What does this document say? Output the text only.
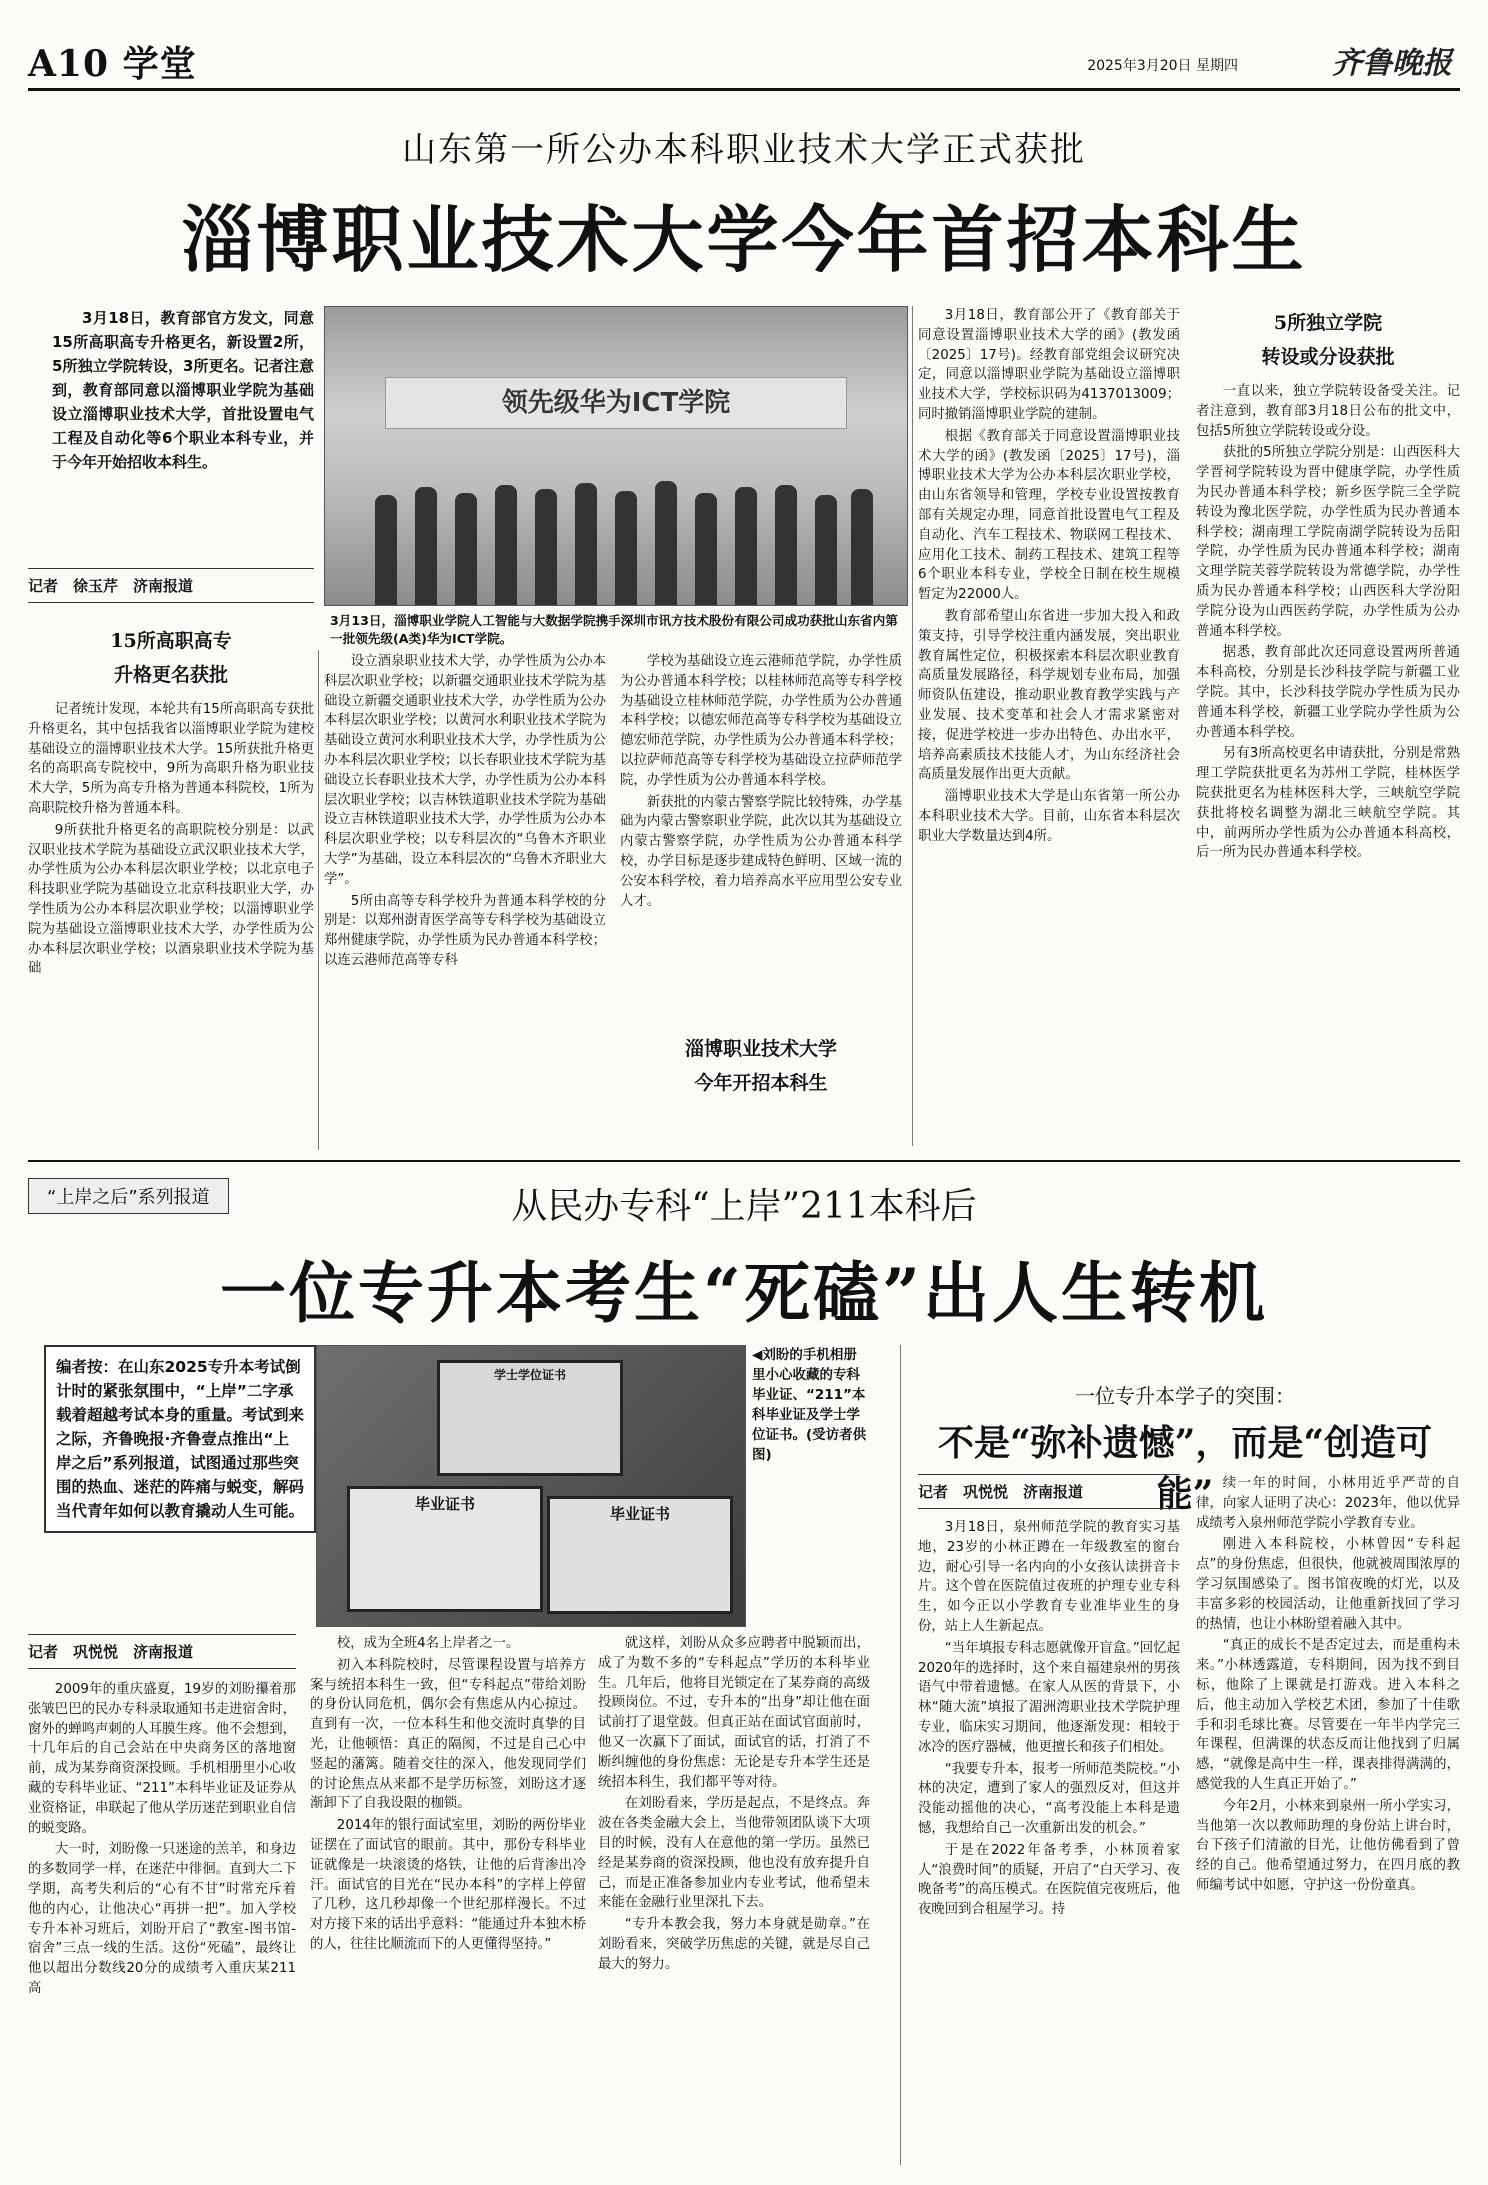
A10 学堂	2025年3月20日 星期四	齐鲁晚报
山东第一所公办本科职业技术大学正式获批
淄博职业技术大学今年首招本科生

3月18日，教育部官方发文，同意15所高职高专升格更名，新设置2所，5所独立学院转设，3所更名。记者注意到，教育部同意以淄博职业学院为基础设立淄博职业技术大学，首批设置电气工程及自动化等6个职业本科专业，并于今年开始招收本科生。

记者　徐玉芹　济南报道
15所高职高专
升格更名获批

记者统计发现，本轮共有15所高职高专获批升格更名，其中包括我省以淄博职业学院为建校基础设立的淄博职业技术大学。15所获批升格更名的高职高专院校中，9所为高职升格为职业技术大学，5所为高专升格为普通本科院校，1所为高职院校升格为普通本科。

9所获批升格更名的高职院校分别是：以武汉职业技术学院为基础设立武汉职业技术大学，办学性质为公办本科层次职业学校；以北京电子科技职业学院为基础设立北京科技职业大学，办学性质为公办本科层次职业学校；以淄博职业学院为基础设立淄博职业技术大学，办学性质为公办本科层次职业学校；以酒泉职业技术学院为基础

领先级华为ICT学院
3月13日，淄博职业学院人工智能与大数据学院携手深圳市讯方技术股份有限公司成功获批山东省内第一批领先级(A类)华为ICT学院。

设立酒泉职业技术大学，办学性质为公办本科层次职业学校；以新疆交通职业技术学院为基础设立新疆交通职业技术大学，办学性质为公办本科层次职业学校；以黄河水利职业技术学院为基础设立黄河水利职业技术大学，办学性质为公办本科层次职业学校；以长春职业技术学院为基础设立长春职业技术大学，办学性质为公办本科层次职业学校；以吉林铁道职业技术学院为基础设立吉林铁道职业技术大学，办学性质为公办本科层次职业学校；以专科层次的“乌鲁木齐职业大学”为基础，设立本科层次的“乌鲁木齐职业大学”。

5所由高等专科学校升为普通本科学校的分别是：以郑州澍青医学高等专科学校为基础设立郑州健康学院，办学性质为民办普通本科学校；以连云港师范高等专科

学校为基础设立连云港师范学院，办学性质为公办普通本科学校；以桂林师范高等专科学校为基础设立桂林师范学院，办学性质为公办普通本科学校；以德宏师范高等专科学校为基础设立德宏师范学院，办学性质为公办普通本科学校；以拉萨师范高等专科学校为基础设立拉萨师范学院，办学性质为公办普通本科学校。

新获批的内蒙古警察学院比较特殊，办学基础为内蒙古警察职业学院，此次以其为基础设立内蒙古警察学院，办学性质为公办普通本科学校，办学目标是逐步建成特色鲜明、区域一流的公安本科学校，着力培养高水平应用型公安专业人才。

淄博职业技术大学
今年开招本科生

3月18日，教育部公开了《教育部关于同意设置淄博职业技术大学的函》(教发函〔2025〕17号)。经教育部党组会议研究决定，同意以淄博职业学院为基础设立淄博职业技术大学，学校标识码为4137013009；同时撤销淄博职业学院的建制。

根据《教育部关于同意设置淄博职业技术大学的函》(教发函〔2025〕17号)，淄博职业技术大学为公办本科层次职业学校，由山东省领导和管理，学校专业设置按教育部有关规定办理，同意首批设置电气工程及自动化、汽车工程技术、物联网工程技术、应用化工技术、制药工程技术、建筑工程等6个职业本科专业，学校全日制在校生规模暂定为22000人。

教育部希望山东省进一步加大投入和政策支持，引导学校注重内涵发展，突出职业教育属性定位，积极探索本科层次职业教育高质量发展路径，科学规划专业布局，加强师资队伍建设，推动职业教育教学实践与产业发展、技术变革和社会人才需求紧密对接，促进学校进一步办出特色、办出水平，培养高素质技术技能人才，为山东经济社会高质量发展作出更大贡献。

淄博职业技术大学是山东省第一所公办本科职业技术大学。目前，山东省本科层次职业大学数量达到4所。

5所独立学院
转设或分设获批

一直以来，独立学院转设备受关注。记者注意到，教育部3月18日公布的批文中，包括5所独立学院转设或分设。

获批的5所独立学院分别是：山西医科大学晋祠学院转设为晋中健康学院，办学性质为民办普通本科学校；新乡医学院三全学院转设为豫北医学院，办学性质为民办普通本科学校；湖南理工学院南湖学院转设为岳阳学院，办学性质为民办普通本科学校；湖南文理学院芙蓉学院转设为常德学院，办学性质为民办普通本科学校；山西医科大学汾阳学院分设为山西医药学院，办学性质为公办普通本科学校。

据悉，教育部此次还同意设置两所普通本科高校，分别是长沙科技学院与新疆工业学院。其中，长沙科技学院办学性质为民办普通本科学校，新疆工业学院办学性质为公办普通本科学校。

另有3所高校更名申请获批，分别是常熟理工学院获批更名为苏州工学院，桂林医学院获批更名为桂林医科大学，三峡航空学院获批将校名调整为湖北三峡航空学院。其中，前两所办学性质为公办普通本科高校，后一所为民办普通本科学校。

“上岸之后”系列报道	从民办专科“上岸”211本科后
一位专升本考生“死磕”出人生转机
编者按：在山东2025专升本考试倒计时的紧张氛围中，“上岸”二字承载着超越考试本身的重量。考试到来之际，齐鲁晚报·齐鲁壹点推出“上岸之后”系列报道，试图通过那些突围的热血、迷茫的阵痛与蜕变，解码当代青年如何以教育撬动人生可能。
学士学位证书
毕业证书
毕业证书
◀刘盼的手机相册里小心收藏的专科毕业证、“211”本科毕业证及学士学位证书。(受访者供图)
记者　巩悦悦　济南报道

2009年的重庆盛夏，19岁的刘盼攥着那张皱巴巴的民办专科录取通知书走进宿舍时，窗外的蝉鸣声刺的人耳膜生疼。他不会想到，十几年后的自己会站在中央商务区的落地窗前，成为某券商资深投顾。手机相册里小心收藏的专科毕业证、“211”本科毕业证及证券从业资格证，串联起了他从学历迷茫到职业自信的蜕变路。

大一时，刘盼像一只迷途的羔羊，和身边的多数同学一样，在迷茫中徘徊。直到大二下学期，高考失利后的“心有不甘”时常充斥着他的内心，让他决心“再拼一把”。加入学校专升本补习班后，刘盼开启了“教室-图书馆-宿舍”三点一线的生活。这份“死磕”，最终让他以超出分数线20分的成绩考入重庆某211高

校，成为全班4名上岸者之一。

初入本科院校时，尽管课程设置与培养方案与统招本科生一致，但“专科起点”带给刘盼的身份认同危机，偶尔会有焦虑从内心掠过。直到有一次，一位本科生和他交流时真挚的目光，让他顿悟：真正的隔阂，不过是自己心中竖起的藩篱。随着交往的深入，他发现同学们的讨论焦点从来都不是学历标签，刘盼这才逐渐卸下了自我设限的枷锁。

2014年的银行面试室里，刘盼的两份毕业证摆在了面试官的眼前。其中，那份专科毕业证就像是一块滚烫的烙铁，让他的后背渗出冷汗。面试官的目光在“民办本科”的字样上停留了几秒，这几秒却像一个世纪那样漫长。不过对方接下来的话出乎意料：“能通过升本独木桥的人，往往比顺流而下的人更懂得坚持。”

就这样，刘盼从众多应聘者中脱颖而出，成了为数不多的“专科起点”学历的本科毕业生。几年后，他将目光锁定在了某券商的高级投顾岗位。不过，专升本的“出身”却让他在面试前打了退堂鼓。但真正站在面试官面前时，他又一次赢下了面试，面试官的话，打消了不断纠缠他的身份焦虑：无论是专升本学生还是统招本科生，我们都平等对待。

在刘盼看来，学历是起点，不是终点。奔波在各类金融大会上，当他带领团队谈下大项目的时候，没有人在意他的第一学历。虽然已经是某券商的资深投顾，他也没有放弃提升自己，而是正准备参加业内专业考试，他希望未来能在金融行业里深扎下去。

“专升本教会我，努力本身就是勋章。”在刘盼看来，突破学历焦虑的关键，就是尽自己最大的努力。

一位专升本学子的突围：
不是“弥补遗憾”，而是“创造可能”
记者　巩悦悦　济南报道

3月18日，泉州师范学院的教育实习基地，23岁的小林正蹲在一年级教室的窗台边，耐心引导一名内向的小女孩认读拼音卡片。这个曾在医院值过夜班的护理专业专科生，如今正以小学教育专业准毕业生的身份，站上人生新起点。

“当年填报专科志愿就像开盲盒。”回忆起2020年的选择时，这个来自福建泉州的男孩语气中带着遗憾。在家人从医的背景下，小林“随大流”填报了湄洲湾职业技术学院护理专业，临床实习期间，他逐渐发现：相较于冰冷的医疗器械，他更擅长和孩子们相处。

“我要专升本，报考一所师范类院校。”小林的决定，遭到了家人的强烈反对，但这并没能动摇他的决心，“高考没能上本科是遗憾，我想给自己一次重新出发的机会。”

于是在2022年备考季，小林顶着家人“浪费时间”的质疑，开启了“白天学习、夜晚备考”的高压模式。在医院值完夜班后，他夜晚回到合租屋学习。持

续一年的时间，小林用近乎严苛的自律，向家人证明了决心：2023年，他以优异成绩考入泉州师范学院小学教育专业。

刚进入本科院校，小林曾因“专科起点”的身份焦虑，但很快，他就被周围浓厚的学习氛围感染了。图书馆夜晚的灯光，以及丰富多彩的校园活动，让他重新找回了学习的热情，也让小林盼望着融入其中。

“真正的成长不是否定过去，而是重构未来。”小林透露道，专科期间，因为找不到目标，他除了上课就是打游戏。进入本科之后，他主动加入学校艺术团，参加了十佳歌手和羽毛球比赛。尽管要在一年半内学完三年课程，但满课的状态反而让他找到了归属感，“就像是高中生一样，课表排得满满的，感觉我的人生真正开始了。”

今年2月，小林来到泉州一所小学实习，当他第一次以教师助理的身份站上讲台时，台下孩子们清澈的目光，让他仿佛看到了曾经的自己。他希望通过努力，在四月底的教师编考试中如愿，守护这一份份童真。
